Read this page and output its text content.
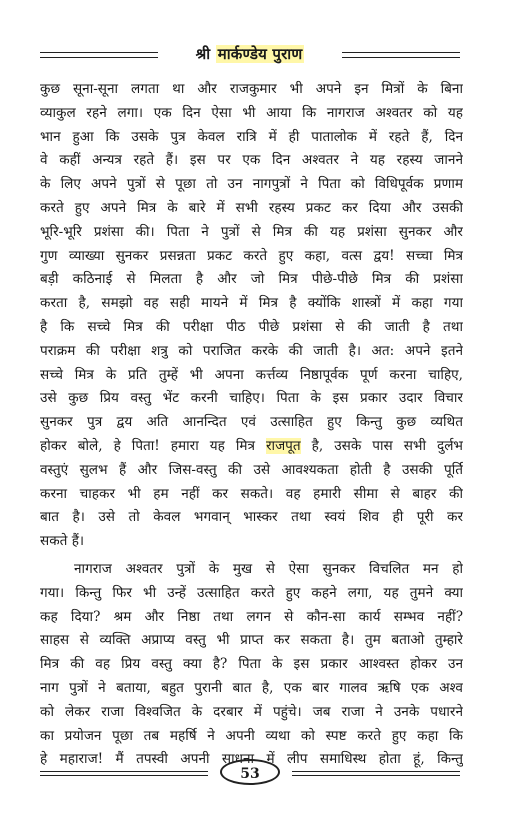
श्री मार्कण्डेय पुराण
कुछ सूना-सूना लगता था और राजकुमार भी अपने इन मित्रों के बिना
व्याकुल रहने लगा। एक दिन ऐसा भी आया कि नागराज अश्वतर को यह
भान हुआ कि उसके पुत्र केवल रात्रि में ही पातालोक में रहते हैं, दिन
वे कहीं अन्यत्र रहते हैं। इस पर एक दिन अश्वतर ने यह रहस्य जानने
के लिए अपने पुत्रों से पूछा तो उन नागपुत्रों ने पिता को विधिपूर्वक प्रणाम
करते हुए अपने मित्र के बारे में सभी रहस्य प्रकट कर दिया और उसकी
भूरि-भूरि प्रशंसा की। पिता ने पुत्रों से मित्र की यह प्रशंसा सुनकर और
गुण व्याख्या सुनकर प्रसन्नता प्रकट करते हुए कहा, वत्स द्वय! सच्चा मित्र
बड़ी कठिनाई से मिलता है और जो मित्र पीछे-पीछे मित्र की प्रशंसा
करता है, समझो वह सही मायने में मित्र है क्योंकि शास्त्रों में कहा गया
है कि सच्चे मित्र की परीक्षा पीठ पीछे प्रशंसा से की जाती है तथा
पराक्रम की परीक्षा शत्रु को पराजित करके की जाती है। अत: अपने इतने
सच्चे मित्र के प्रति तुम्हें भी अपना कर्त्तव्य निष्ठापूर्वक पूर्ण करना चाहिए,
उसे कुछ प्रिय वस्तु भेंट करनी चाहिए। पिता के इस प्रकार उदार विचार
सुनकर पुत्र द्वय अति आनन्दित एवं उत्साहित हुए किन्तु कुछ व्यथित
होकर बोले, हे पिता! हमारा यह मित्र राजपूत है, उसके पास सभी दुर्लभ
वस्तुएं सुलभ हैं और जिस-वस्तु की उसे आवश्यकता होती है उसकी पूर्ति
करना चाहकर भी हम नहीं कर सकते। वह हमारी सीमा से बाहर की
बात है। उसे तो केवल भगवान् भास्कर तथा स्वयं शिव ही पूरी कर
सकते हैं।
नागराज अश्वतर पुत्रों के मुख से ऐसा सुनकर विचलित मन हो
गया। किन्तु फिर भी उन्हें उत्साहित करते हुए कहने लगा, यह तुमने क्या
कह दिया? श्रम और निष्ठा तथा लगन से कौन-सा कार्य सम्भव नहीं?
साहस से व्यक्ति अप्राप्य वस्तु भी प्राप्त कर सकता है। तुम बताओ तुम्हारे
मित्र की वह प्रिय वस्तु क्या है? पिता के इस प्रकार आश्वस्त होकर उन
नाग पुत्रों ने बताया, बहुत पुरानी बात है, एक बार गालव ऋषि एक अश्व
को लेकर राजा विश्वजित के दरबार में पहुंचे। जब राजा ने उनके पधारने
का प्रयोजन पूछा तब महर्षि ने अपनी व्यथा को स्पष्ट करते हुए कहा कि
हे महाराज! मैं तपस्वी अपनी साधना में लीप समाधिस्थ होता हूं, किन्तु
53
